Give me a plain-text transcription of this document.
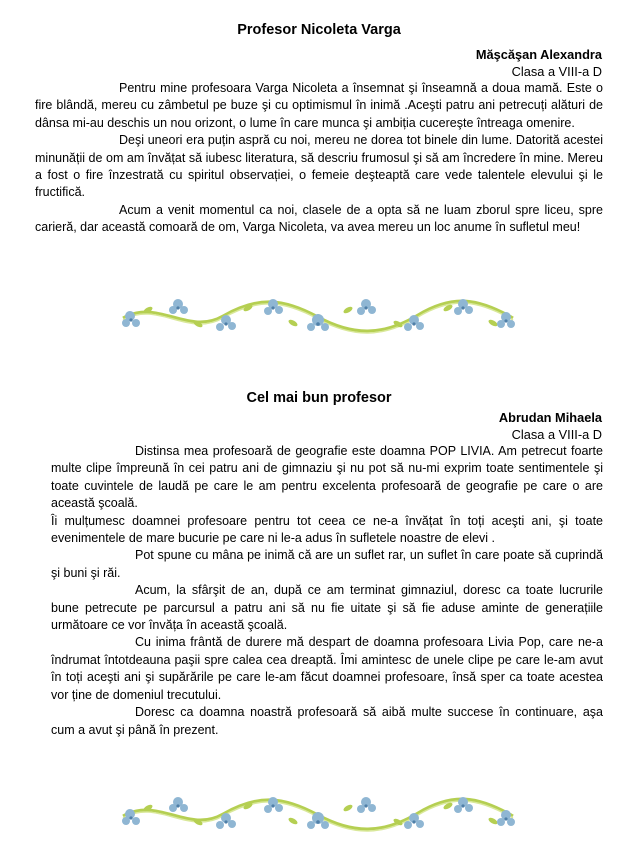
Profesor Nicoleta Varga
Măşcăşan Alexandra
Clasa a VIII-a D

Pentru mine profesoara Varga Nicoleta a însemnat şi înseamnă a doua mamă. Este o fire blândă, mereu cu zâmbetul pe buze şi cu optimismul în inimă .Aceşti patru ani petrecuți alături de dânsa mi-au deschis un nou orizont, o lume în care munca şi ambiția cucereşte întreaga omenire.

Deşi uneori era puțin aspră cu noi, mereu ne dorea tot binele din lume. Datorită acestei minunății de om am învățat să iubesc literatura, să descriu frumosul şi să am încredere în mine. Mereu a fost o fire înzestrată cu spiritul observației, o femeie deşteaptă care vede talentele elevului şi le fructifică.

Acum a venit momentul ca noi, clasele de a opta să ne luam zborul spre liceu, spre carieră, dar această comoară de om, Varga Nicoleta, va avea mereu un loc anume în sufletul meu!

Cel mai bun profesor
Abrudan Mihaela
Clasa a VIII-a D

Distinsa mea profesoară de geografie este doamna POP LIVIA. Am petrecut foarte multe clipe împreună în cei patru ani de gimnaziu şi nu pot să nu-mi exprim toate sentimentele şi toate cuvintele de laudă pe care le am pentru excelenta profesoară de geografie pe care o are această şcoală.

Îi mulțumesc doamnei profesoare pentru tot ceea ce ne-a învățat în toți aceşti ani, şi toate evenimentele de mare bucurie pe care ni le-a adus în sufletele noastre de elevi .

Pot spune cu mâna pe inimă că are un suflet rar, un suflet în care poate să cuprindă şi buni şi răi.

Acum, la sfârşit de an, după ce am terminat gimnaziul, doresc ca toate lucrurile bune petrecute pe parcursul a patru ani să nu fie uitate şi să fie aduse aminte de generațiile următoare ce vor învăța în această şcoală.

Cu inima frântă de durere mă despart de doamna profesoara Livia Pop, care ne-a îndrumat întotdeauna paşii spre calea cea dreaptă. Îmi amintesc de unele clipe pe care le-am avut în toți aceşti ani şi supărările pe care le-am făcut doamnei profesoare, însă sper ca toate acestea vor ține de domeniul trecutului.

Doresc ca doamna noastră profesoară să aibă multe succese în continuare, aşa cum a avut şi până în prezent.
